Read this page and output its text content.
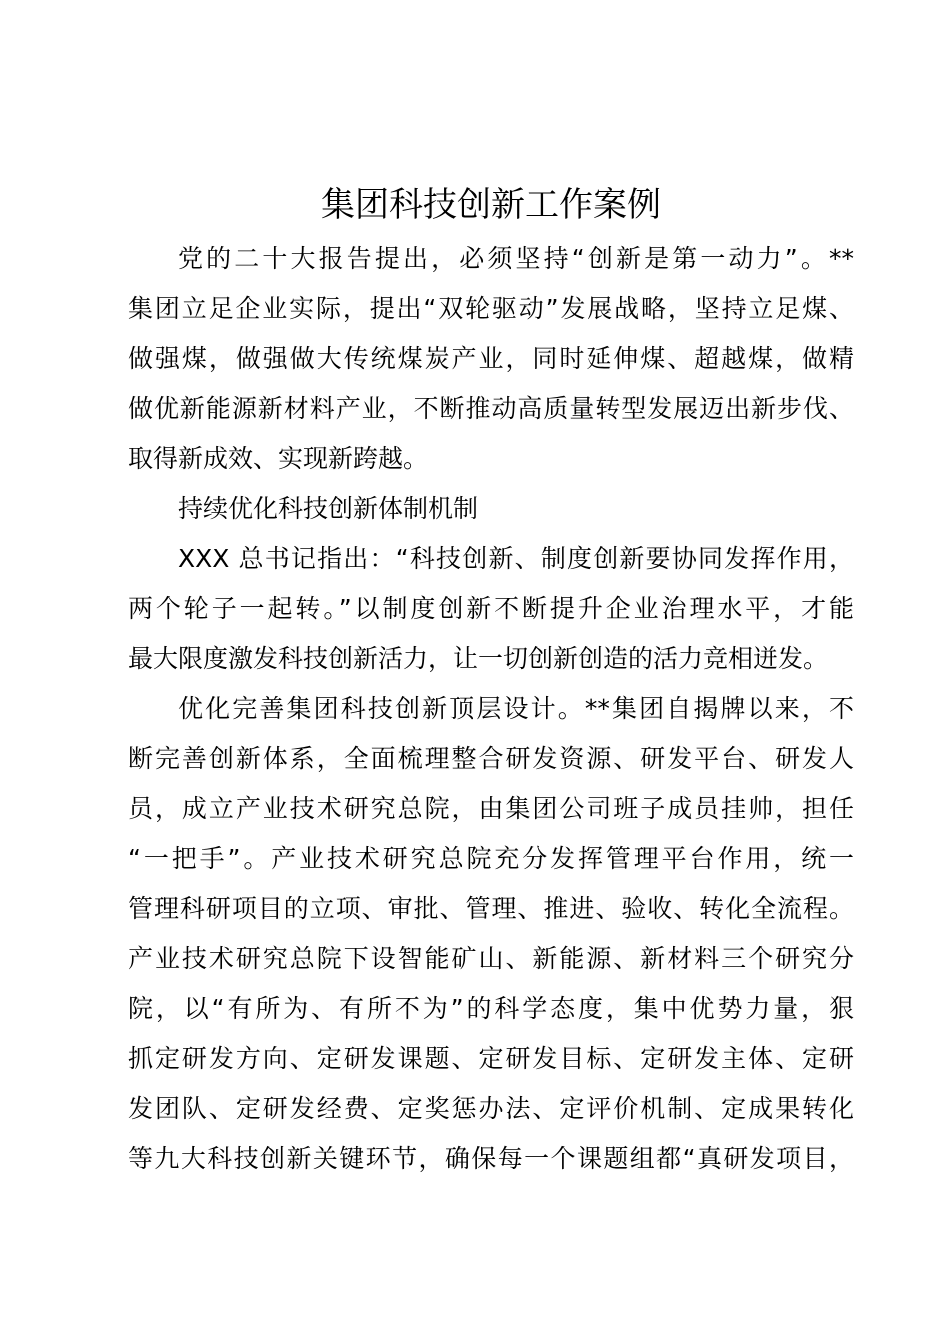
集团科技创新工作案例
党的二十大报告提出，必须坚持“创新是第一动力”。**
集团立足企业实际，提出“双轮驱动”发展战略，坚持立足煤、
做强煤，做强做大传统煤炭产业，同时延伸煤、超越煤，做精
做优新能源新材料产业，不断推动高质量转型发展迈出新步伐、
取得新成效、实现新跨越。
持续优化科技创新体制机制
XXX 总书记指出：“科技创新、制度创新要协同发挥作用，
两个轮子一起转。”以制度创新不断提升企业治理水平，才能
最大限度激发科技创新活力，让一切创新创造的活力竞相迸发。
优化完善集团科技创新顶层设计。**集团自揭牌以来，不
断完善创新体系，全面梳理整合研发资源、研发平台、研发人
员，成立产业技术研究总院，由集团公司班子成员挂帅，担任
“一把手”。产业技术研究总院充分发挥管理平台作用，统一
管理科研项目的立项、审批、管理、推进、验收、转化全流程。
产业技术研究总院下设智能矿山、新能源、新材料三个研究分
院，以“有所为、有所不为”的科学态度，集中优势力量，狠
抓定研发方向、定研发课题、定研发目标、定研发主体、定研
发团队、定研发经费、定奖惩办法、定评价机制、定成果转化
等九大科技创新关键环节，确保每一个课题组都“真研发项目，
